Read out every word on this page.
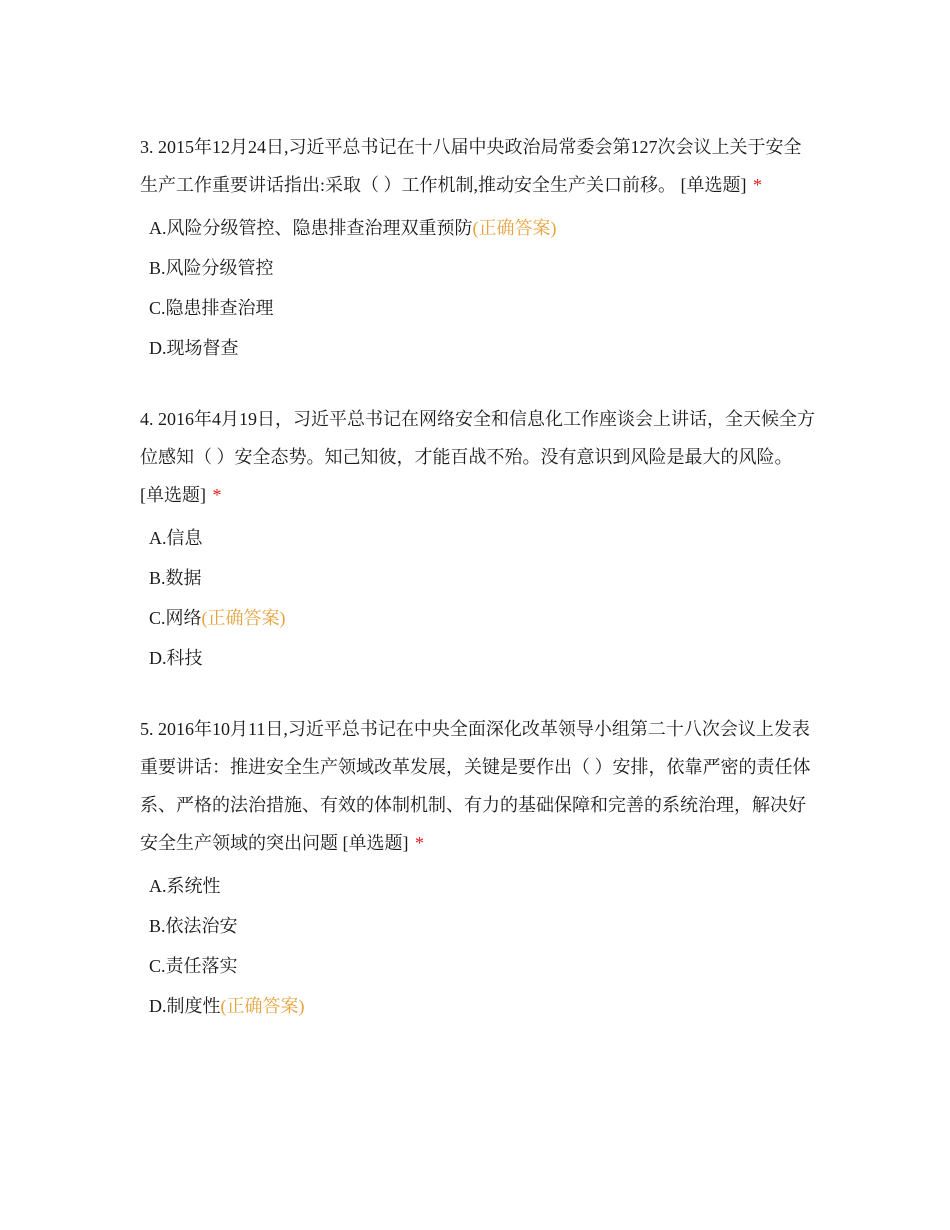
3. 2015年12月24日,习近平总书记在十八届中央政治局常委会第127次会议上关于安全生产工作重要讲话指出:采取（ ）工作机制,推动安全生产关口前移。 [单选题] *

A.风险分级管控、隐患排查治理双重预防(正确答案)
B.风险分级管控
C.隐患排查治理
D.现场督查

4. 2016年4月19日，习近平总书记在网络安全和信息化工作座谈会上讲话，全天候全方位感知（ ）安全态势。知己知彼，才能百战不殆。没有意识到风险是最大的风险。 [单选题] *

A.信息
B.数据
C.网络(正确答案)
D.科技

5. 2016年10月11日,习近平总书记在中央全面深化改革领导小组第二十八次会议上发表重要讲话：推进安全生产领域改革发展，关键是要作出（ ）安排，依靠严密的责任体系、严格的法治措施、有效的体制机制、有力的基础保障和完善的系统治理，解决好安全生产领域的突出问题 [单选题] *

A.系统性
B.依法治安
C.责任落实
D.制度性(正确答案)
